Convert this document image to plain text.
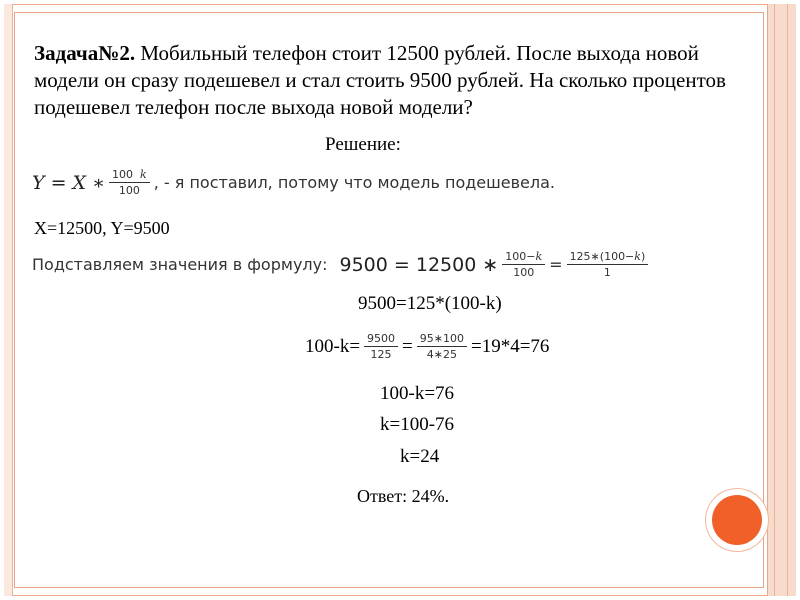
Задача№2. Мобильный телефон стоит 12500 рублей. После выхода новой модели он сразу подешевел и стал стоить 9500 рублей. На сколько процентов подешевел телефон после выхода новой модели?
Решение:
Y = X ∗ $\frac{100 k}{100}$ , - я поставил, потому что модель подешевела.
X=12500, Y=9500
Подставляем значения в формулу: 9500 = 12500 ∗ $\frac{100-k}{100} = \frac{125∗(100-k)}{1}$
9500=125*(100-k)
$100-k= \frac{9500}{125} = \frac{95∗100}{4∗25} =19*4=76$
100-k=76
k=100-76
k=24
Ответ: 24%.
